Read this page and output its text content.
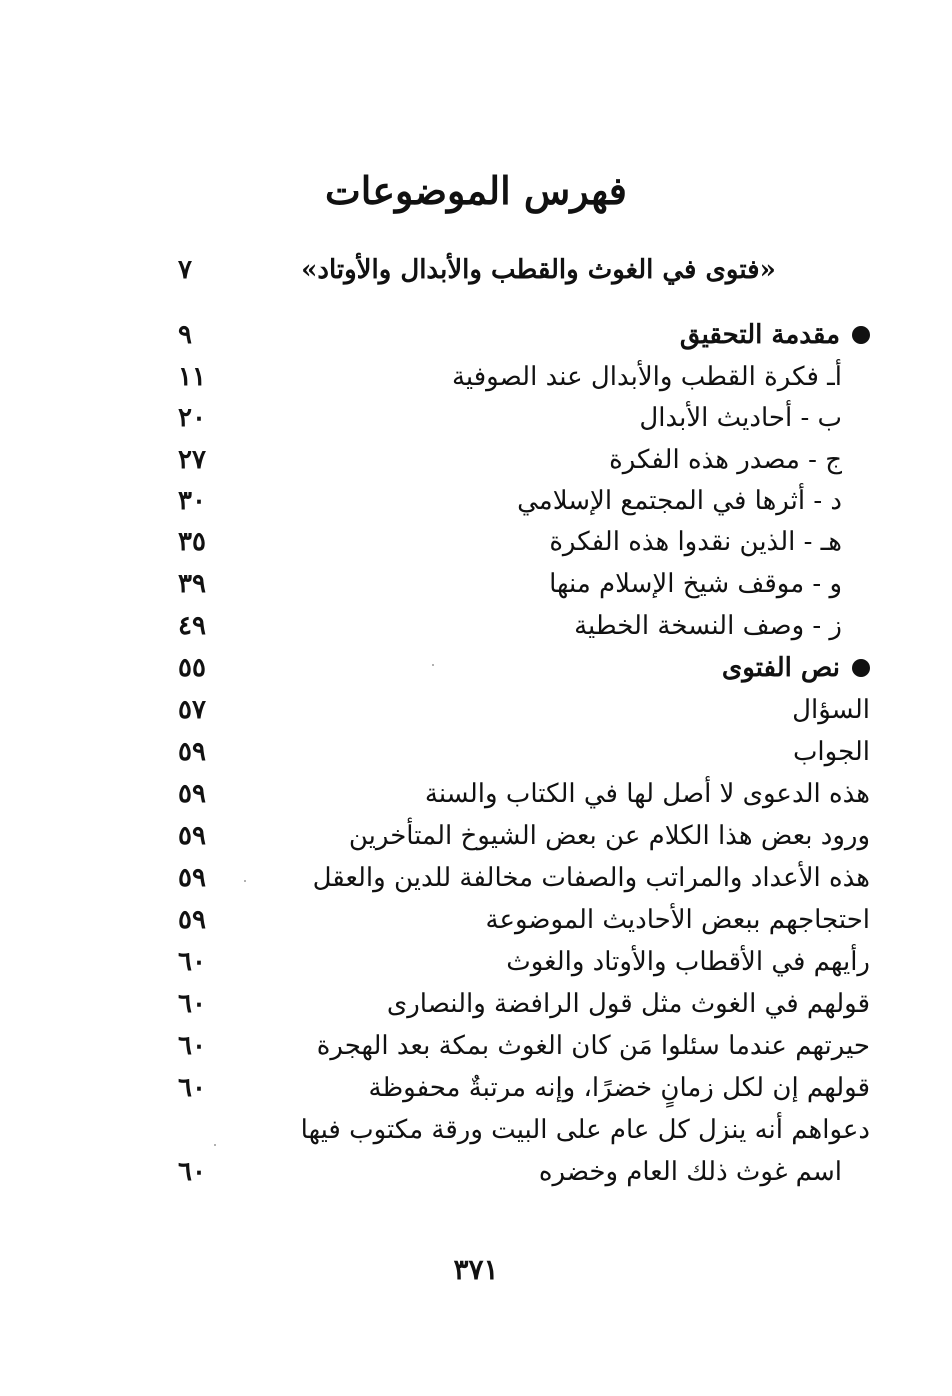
فهرس الموضوعات
«فتوى في الغوث والقطب والأبدال والأوتاد»
٧
مقدمة التحقيق
٩
أـ فكرة القطب والأبدال عند الصوفية
١١
ب - أحاديث الأبدال
٢٠
ج - مصدر هذه الفكرة
٢٧
د - أثرها في المجتمع الإسلامي
٣٠
هـ - الذين نقدوا هذه الفكرة
٣٥
و - موقف شيخ الإسلام منها
٣٩
ز - وصف النسخة الخطية
٤٩
نص الفتوى
٥٥
السؤال
٥٧
الجواب
٥٩
هذه الدعوى لا أصل لها في الكتاب والسنة
٥٩
ورود بعض هذا الكلام عن بعض الشيوخ المتأخرين
٥٩
هذه الأعداد والمراتب والصفات مخالفة للدين والعقل
٥٩
احتجاجهم ببعض الأحاديث الموضوعة
٥٩
رأيهم في الأقطاب والأوتاد والغوث
٦٠
قولهم في الغوث مثل قول الرافضة والنصارى
٦٠
حيرتهم عندما سئلوا مَن كان الغوث بمكة بعد الهجرة
٦٠
قولهم إن لكل زمانٍ خضرًا، وإنه مرتبةٌ محفوظة
٦٠
دعواهم أنه ينزل كل عام على البيت ورقة مكتوب فيها
اسم غوث ذلك العام وخضره
٦٠
٣٧١
